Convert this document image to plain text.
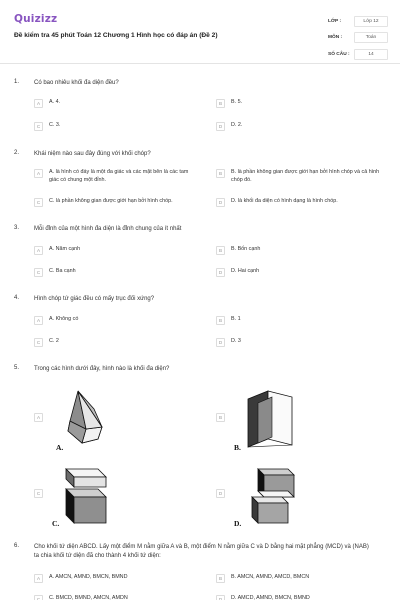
Quizizz
Đề kiểm tra 45 phút Toán 12 Chương 1 Hình học có đáp án (Đề 2)
LỚP :	Lớp 12
MÔN :	Toán
SỐ CÂU :	14
1. Có bao nhiêu khối đa diện đều?
A	A. 4.	B	B. 5.
C	C. 3.	D	D. 2.
2. Khái niệm nào sau đây đúng với khối chóp?
A	A. là hình có đáy là một đa giác và các mặt bên là các tam giác có chung một đỉnh.
B	B. là phần không gian được giới hạn bởi hình chóp và cả hình chóp đó.
C	C. là phần không gian được giới hạn bởi hình chóp.	D	D. là khối đa diện có hình dạng là hình chóp.
3. Mỗi đỉnh của một hình đa diện là đỉnh chung của ít nhất
A	A. Năm cạnh	B	B. Bốn cạnh
C	C. Ba cạnh	D	D. Hai cạnh
4. Hình chóp tứ giác đều có mấy trục đối xứng?
A	A. Không có	B	B. 1
C	C. 2	D	D. 3
5. Trong các hình dưới đây, hình nào là khối đa diện?
A
A.
B
B.
C
C.
D
D.
6. Cho khối tứ diện ABCD. Lấy một điểm M nằm giữa A và B, một điểm N nằm giữa C và D bằng hai mặt phẳng (MCD) và (NAB) ta chia khối tứ diện đã cho thành 4 khối tứ diện:
A	A. AMCN, AMND, BMCN, BMND	B	B. AMCN, AMND, AMCD, BMCN
C	C. BMCD, BMND, AMCN, AMDN	D	D. AMCD, AMND, BMCN, BMND
